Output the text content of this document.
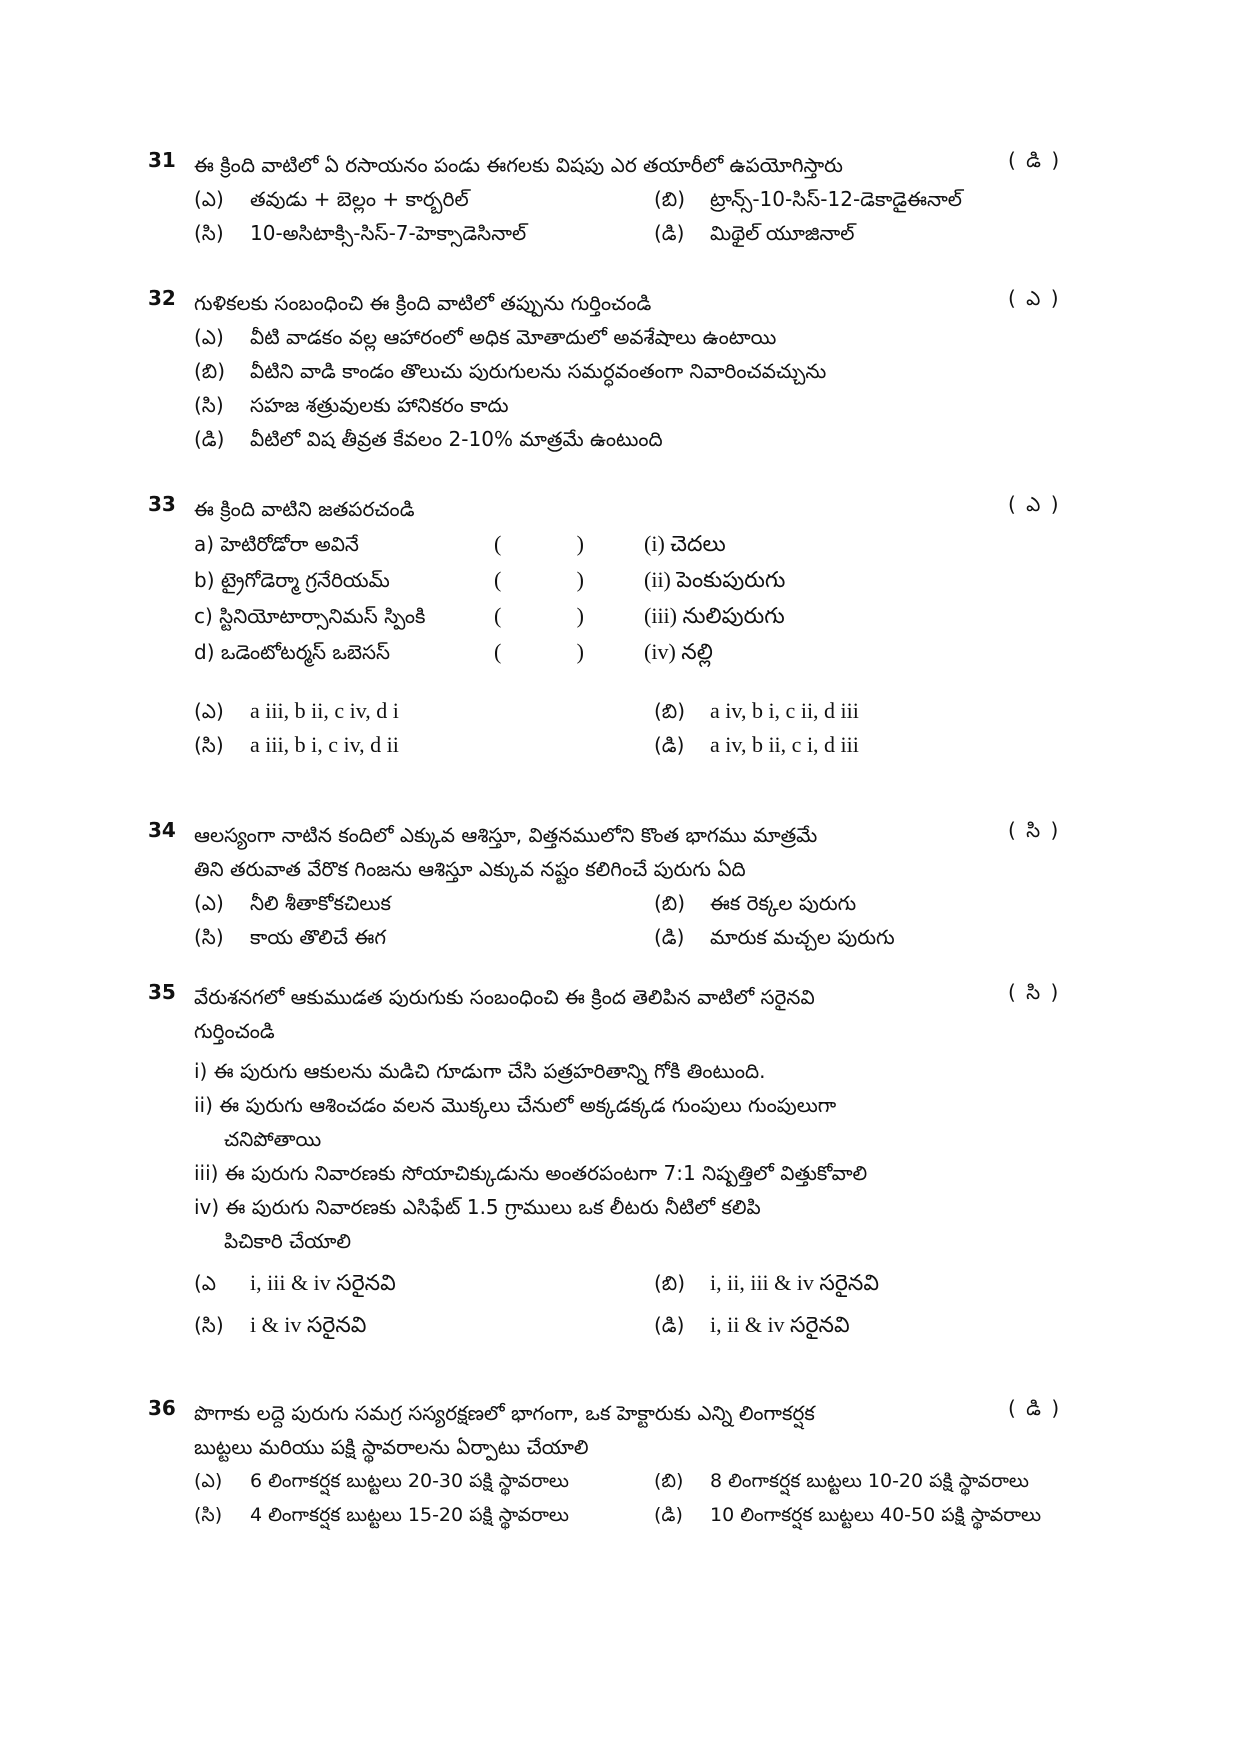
31 ఈ క్రింది వాటిలో ఏ రసాయనం పండు ఈగలకు విషపు ఎర తయారీలో ఉపయోగిస్తారు	( డి )
(ఎ)	తవుడు + బెల్లం + కార్బరిల్	(బి)	ట్రాన్స్-10-సిస్-12-డెకాడైఈనాల్
(సి)	10-అసిటాక్సి-సిస్-7-హెక్సాడెసినాల్	(డి)	మిథైల్ యూజినాల్
32 గుళికలకు సంబంధించి ఈ క్రింది వాటిలో తప్పును గుర్తించండి	( ఎ )
(ఎ)	వీటి వాడకం వల్ల ఆహారంలో అధిక మోతాదులో అవశేషాలు ఉంటాయి
(బి)	వీటిని వాడి కాండం తొలుచు పురుగులను సమర్ధవంతంగా నివారించవచ్చును
(సి)	సహజ శత్రువులకు హానికరం కాదు
(డి)	వీటిలో విష తీవ్రత కేవలం 2-10% మాత్రమే ఉంటుంది
33 ఈ క్రింది వాటిని జతపరచండి	( ఎ )
a) హెటిరోడోరా అవినే	(	)	(i) చెదలు
b) ట్రైగోడెర్మా గ్రనేరియమ్	(	)	(ii) పెంకుపురుగు
c) స్టినియోటార్సానిమస్ స్పింకి	(	)	(iii) నులిపురుగు
d) ఒడెంటోటర్మస్ ఒబెసస్	(	)	(iv) నల్లి
(ఎ)	a iii, b ii, c iv, d i	(బి)	a iv, b i, c ii, d iii
(సి)	a iii, b i, c iv, d ii	(డి)	a iv, b ii, c i, d iii
34 ఆలస్యంగా నాటిన కందిలో ఎక్కువ ఆశిస్తూ, విత్తనములోని కొంత భాగము మాత్రమే
తిని తరువాత వేరొక గింజను ఆశిస్తూ ఎక్కువ నష్టం కలిగించే పురుగు ఏది
( సి )
(ఎ)	నీలి శీతాకోకచిలుక	(బి)	ఈక రెక్కల పురుగు
(సి)	కాయ తొలిచే ఈగ	(డి)	మారుక మచ్చల పురుగు
35 వేరుశనగలో ఆకుముడత పురుగుకు సంబంధించి ఈ క్రింద తెలిపిన వాటిలో సరైనవి
గుర్తించండి
( సి )
i) ఈ పురుగు ఆకులను మడిచి గూడుగా చేసి పత్రహరితాన్ని గోకి తింటుంది.
ii) ఈ పురుగు ఆశించడం వలన మొక్కలు చేనులో అక్కడక్కడ గుంపులు గుంపులుగా
చనిపోతాయి
iii) ఈ పురుగు నివారణకు సోయాచిక్కుడును అంతరపంటగా 7:1 నిష్పత్తిలో విత్తుకోవాలి
iv) ఈ పురుగు నివారణకు ఎసిఫేట్ 1.5 గ్రాములు ఒక లీటరు నీటిలో కలిపి
పిచికారి చేయాలి
(ఎ	i, iii & iv సరైనవి	(బి)	i, ii, iii & iv సరైనవి
(సి)	i & iv సరైనవి	(డి)	i, ii & iv సరైనవి
36 పొగాకు లద్దె పురుగు సమగ్ర సస్యరక్షణలో భాగంగా, ఒక హెక్టారుకు ఎన్ని లింగాకర్షక
బుట్టలు మరియు పక్షి స్థావరాలను ఏర్పాటు చేయాలి
( డి )
(ఎ)	6 లింగాకర్షక బుట్టలు 20-30 పక్షి స్థావరాలు	(బి)	8 లింగాకర్షక బుట్టలు 10-20 పక్షి స్థావరాలు
(సి)	4 లింగాకర్షక బుట్టలు 15-20 పక్షి స్థావరాలు	(డి)	10 లింగాకర్షక బుట్టలు 40-50 పక్షి స్థావరాలు
